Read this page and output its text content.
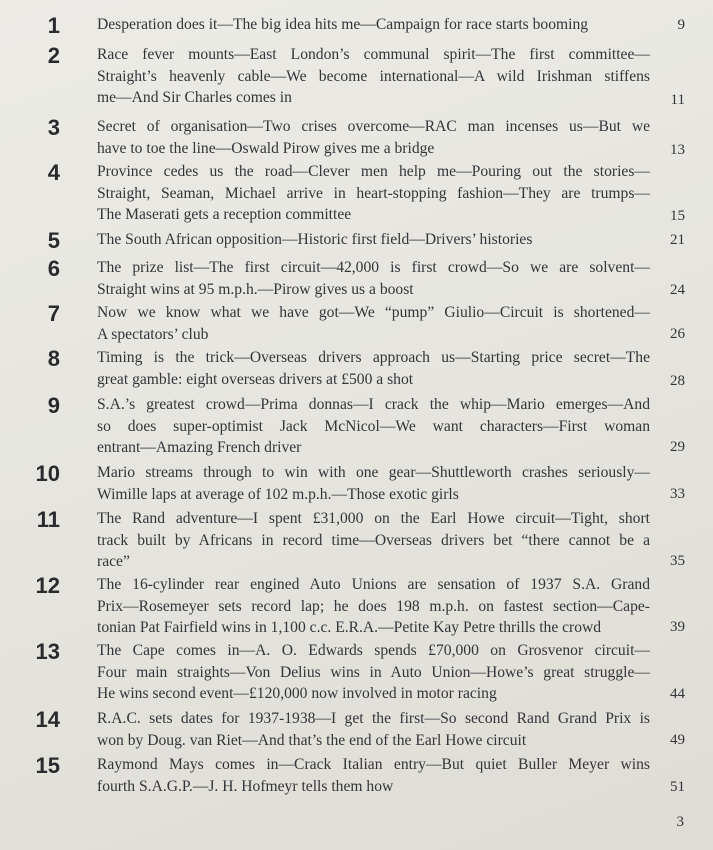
1 Desperation does it—The big idea hits me—Campaign for race starts booming	9
2 Race fever mounts—East London’s communal spirit—The first committee—
Straight’s heavenly cable—We become international—A wild Irishman stiffens
me—And Sir Charles comes in	11
3 Secret of organisation—Two crises overcome—RAC man incenses us—But we
have to toe the line—Oswald Pirow gives me a bridge	13
4 Province cedes us the road—Clever men help me—Pouring out the stories—
Straight, Seaman, Michael arrive in heart-stopping fashion—They are trumps—
The Maserati gets a reception committee	15
5 The South African opposition—Historic first field—Drivers’ histories	21
6 The prize list—The first circuit—42,000 is first crowd—So we are solvent—
Straight wins at 95 m.p.h.—Pirow gives us a boost	24
7 Now we know what we have got—We “pump” Giulio—Circuit is shortened—
A spectators’ club	26
8 Timing is the trick—Overseas drivers approach us—Starting price secret—The
great gamble: eight overseas drivers at £500 a shot	28
9 S.A.’s greatest crowd—Prima donnas—I crack the whip—Mario emerges—And
so does super-optimist Jack McNicol—We want characters—First woman
entrant—Amazing French driver	29
10 Mario streams through to win with one gear—Shuttleworth crashes seriously—
Wimille laps at average of 102 m.p.h.—Those exotic girls	33
11 The Rand adventure—I spent £31,000 on the Earl Howe circuit—Tight, short
track built by Africans in record time—Overseas drivers bet “there cannot be a
race”	35
12 The 16-cylinder rear engined Auto Unions are sensation of 1937 S.A. Grand
Prix—Rosemeyer sets record lap; he does 198 m.p.h. on fastest section—Cape-
tonian Pat Fairfield wins in 1,100 c.c. E.R.A.—Petite Kay Petre thrills the crowd	39
13 The Cape comes in—A. O. Edwards spends £70,000 on Grosvenor circuit—
Four main straights—Von Delius wins in Auto Union—Howe’s great struggle—
He wins second event—£120,000 now involved in motor racing	44
14 R.A.C. sets dates for 1937-1938—I get the first—So second Rand Grand Prix is
won by Doug. van Riet—And that’s the end of the Earl Howe circuit	49
15 Raymond Mays comes in—Crack Italian entry—But quiet Buller Meyer wins
fourth S.A.G.P.—J. H. Hofmeyr tells them how	51
3
